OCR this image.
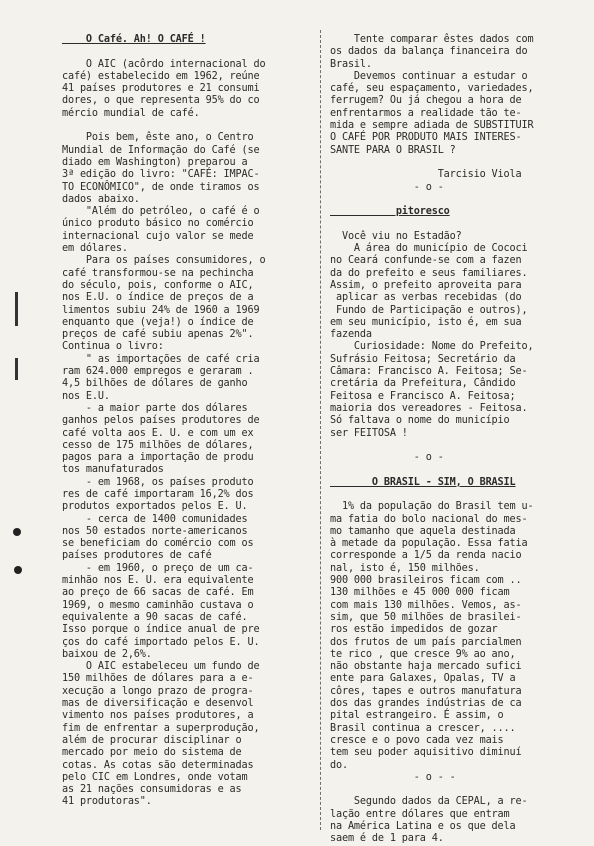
O Café. Ah! O CAFÉ !
O AIC (acôrdo internacional do
café) estabelecido em 1962, reúne
41 países produtores e 21 consumi
dores, o que representa 95% do co
mércio mundial de café.
Pois bem, êste ano, o Centro
Mundial de Informação do Café (se
diado em Washington) preparou a
3ª edição do livro: "CAFÉ: IMPAC-
TO ECONÔMICO", de onde tiramos os
dados abaixo.
"Além do petróleo, o café é o
único produto básico no comércio
internacional cujo valor se mede
em dólares.
Para os países consumidores, o
café transformou-se na pechincha
do século, pois, conforme o AIC,
nos E.U. o índice de preços de a
limentos subiu 24% de 1960 a 1969
enquanto que (veja!) o índice de
preços de café subiu apenas 2%".
Continua o livro:
" as importações de café cria
ram 624.000 empregos e geraram .
4,5 bilhões de dólares de ganho
nos E.U.
- a maior parte dos dólares
ganhos pelos países produtores de
café volta aos E. U. e com um ex
cesso de 175 milhões de dólares,
pagos para a importação de produ
tos manufaturados
- em 1968, os países produto
res de café importaram 16,2% dos
produtos exportados pelos E. U.
- cerca de 1400 comunidades
nos 50 estados norte-americanos
se beneficiam do comércio com os
países produtores de café
- em 1960, o preço de um ca-
minhão nos E. U. era equivalente
ao preço de 66 sacas de café. Em
1969, o mesmo caminhão custava o
equivalente a 90 sacas de café.
Isso porque o índice anual de pre
ços do café importado pelos E. U.
baixou de 2,6%.
O AIC estabeleceu um fundo de
150 milhões de dólares para a e-
xecução a longo prazo de progra-
mas de diversificação e desenvol
vimento nos países produtores, a
fim de enfrentar a superprodução,
além de procurar disciplinar o
mercado por meio do sistema de
cotas. As cotas são determinadas
pelo CIC em Londres, onde votam
as 21 nações consumidoras e as
41 produtoras".
Tente comparar êstes dados com
os dados da balança financeira do
Brasil.
Devemos continuar a estudar o
café, seu espaçamento, variedades,
ferrugem? Ou já chegou a hora de
enfrentarmos a realidade tão te-
mida e sempre adiada de SUBSTITUIR
O CAFÉ POR PRODUTO MAIS INTERES-
SANTE PARA O BRASIL ?
Tarcisio Viola
- o -
pitoresco
Você viu no Estadão?
A área do município de Cococi
no Ceará confunde-se com a fazen
da do prefeito e seus familiares.
Assim, o prefeito aproveita para
aplicar as verbas recebidas (do
Fundo de Participação e outros),
em seu município, isto é, em sua
fazenda
Curiosidade: Nome do Prefeito,
Sufrásio Feitosa; Secretário da
Câmara: Francisco A. Feitosa; Se-
cretária da Prefeitura, Cândido
Feitosa e Francisco A. Feitosa;
maioria dos vereadores - Feitosa.
Só faltava o nome do município
ser FEITOSA !
- o -
O BRASIL - SIM, O BRASIL
1% da população do Brasil tem u-
ma fatia do bolo nacional do mes-
mo tamanho que aquela destinada
à metade da população. Essa fatia
corresponde a 1/5 da renda nacio
nal, isto é, 150 milhões.
900 000 brasileiros ficam com ..
130 milhões e 45 000 000 ficam
com mais 130 milhões. Vemos, as-
sim, que 50 milhões de brasilei-
ros estão impedidos de gozar
dos frutos de um país parcialmen
te rico , que cresce 9% ao ano,
não obstante haja mercado sufici
ente para Galaxes, Opalas, TV a
côres, tapes e outros manufatura
dos das grandes indústrias de ca
pital estrangeiro. É assim, o
Brasil continua a crescer, ....
cresce e o povo cada vez mais
tem seu poder aquisitivo diminuí
do.
- o - -
Segundo dados da CEPAL, a re-
lação entre dólares que entram
na América Latina e os que dela
saem é de 1 para 4.
